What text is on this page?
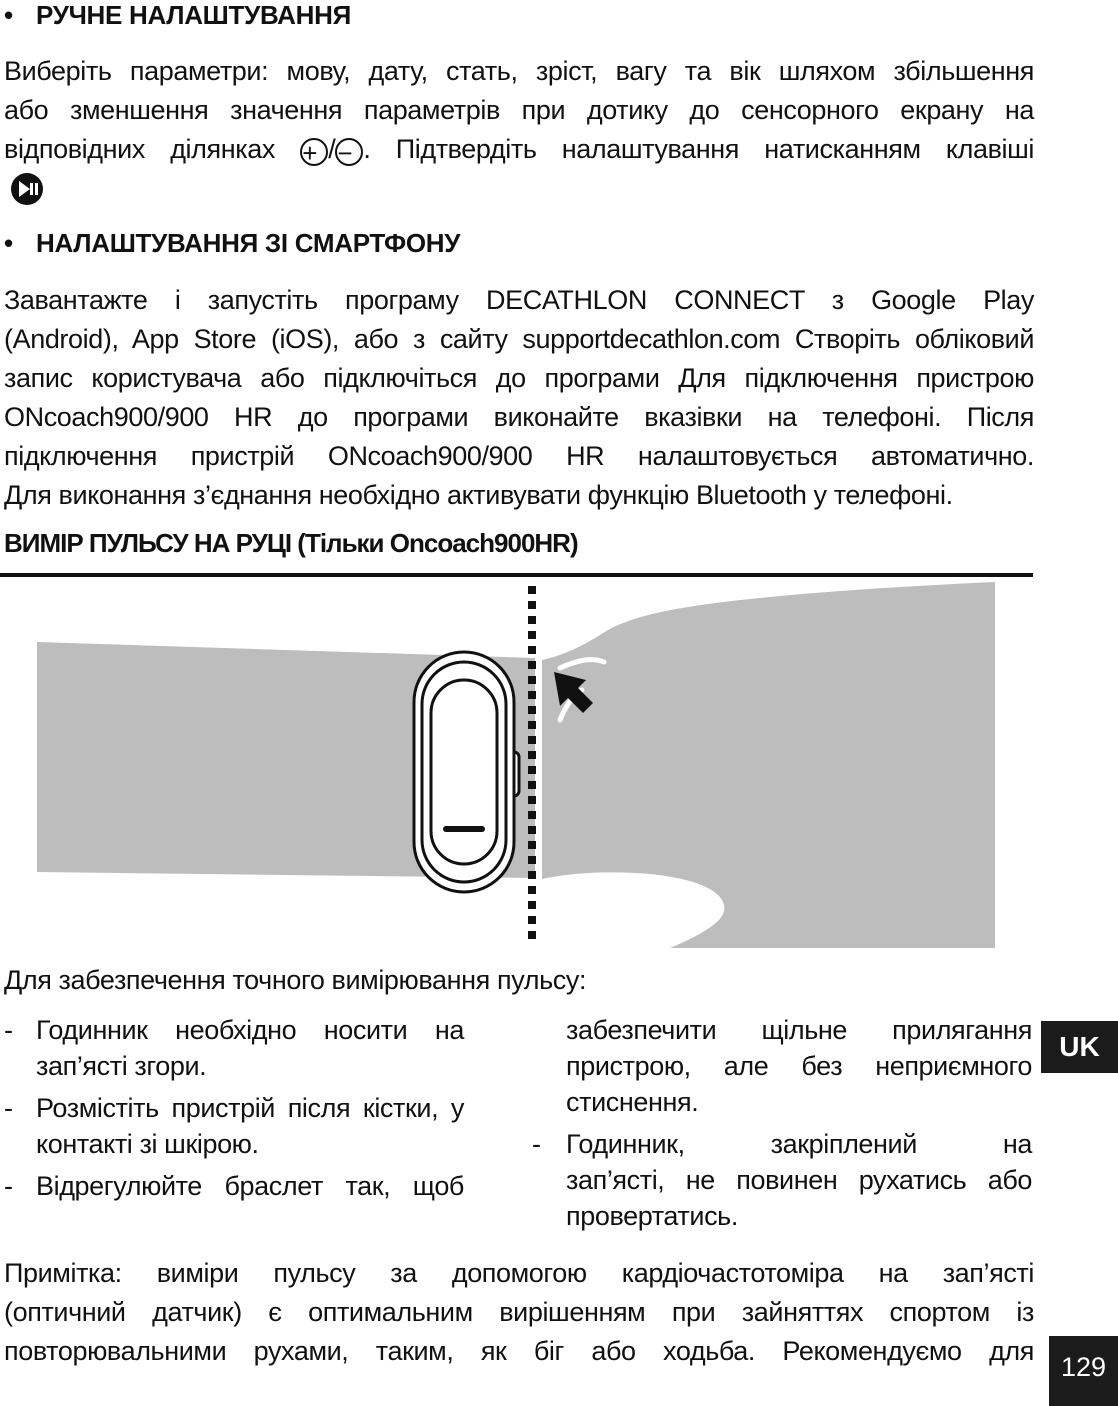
• РУЧНЕ НАЛАШТУВАННЯ
Виберіть параметри: мову, дату, стать, зріст, вагу та вік шляхом збільшення
або зменшення значення параметрів при дотику до сенсорного екрану на
відповідних ділянках + /− . Підтвердіть налаштування натисканням клавіші
• НАЛАШТУВАННЯ ЗІ СМАРТФОНУ
Завантажте і запустіть програму DECATHLON CONNECT з Google Play
(Android), App Store (iOS), або з сайту supportdecathlon.com Створіть обліковий
запис користувача або підключіться до програми Для підключення пристрою
ONcoach900/900 HR до програми виконайте вказівки на телефоні. Після
підключення пристрій ONcoach900/900 HR налаштовується автоматично.
Для виконання з’єднання необхідно активувати функцію Bluetooth у телефоні.
ВИМІР ПУЛЬСУ НА РУЦІ (Тільки Oncoach900HR)
Для забезпечення точного вимірювання пульсу:
- Годинник необхідно носити на
зап’ясті згори.
- Розмістіть пристрій після кістки, у
контакті зі шкірою.
- Відрегулюйте браслет так, щоб
забезпечити щільне прилягання
пристрою, але без неприємного
стиснення.
- Годинник, закріплений на
зап’ясті, не повинен рухатись або
провертатись.
Примітка: виміри пульсу за допомогою кардіочастотоміра на зап’ясті
(оптичний датчик) є оптимальним вирішенням при зайняттях спортом із
повторювальними рухами, таким, як біг або ходьба. Рекомендуємо для
UK
129
